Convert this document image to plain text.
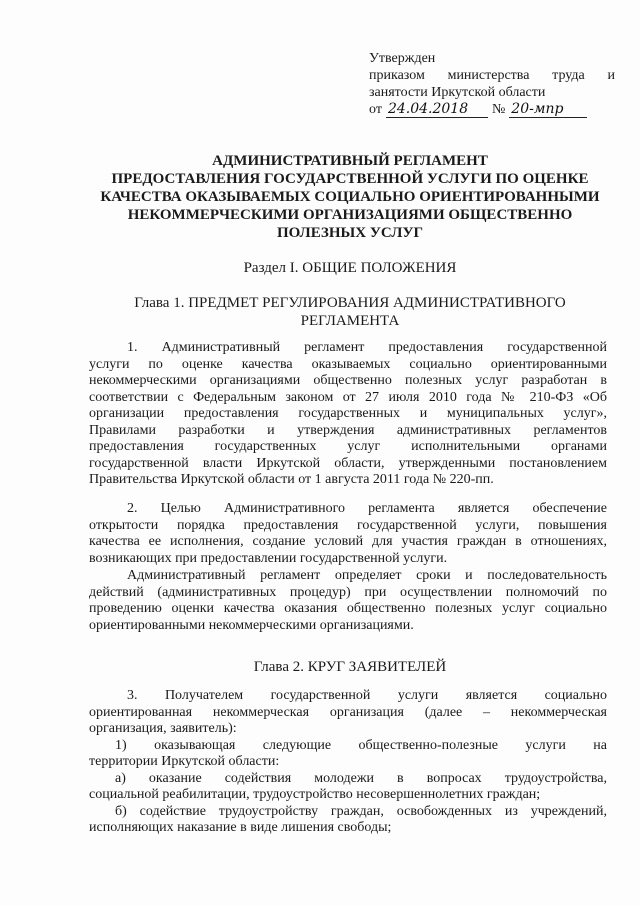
Утвержден
приказом министерства труда и
занятости Иркутской области
от 24.04.2018	№ 20-мпр
АДМИНИСТРАТИВНЫЙ РЕГЛАМЕНТ
ПРЕДОСТАВЛЕНИЯ ГОСУДАРСТВЕННОЙ УСЛУГИ ПО ОЦЕНКЕ
КАЧЕСТВА ОКАЗЫВАЕМЫХ СОЦИАЛЬНО ОРИЕНТИРОВАННЫМИ
НЕКОММЕРЧЕСКИМИ ОРГАНИЗАЦИЯМИ ОБЩЕСТВЕННО
ПОЛЕЗНЫХ УСЛУГ
Раздел I. ОБЩИЕ ПОЛОЖЕНИЯ
Глава 1. ПРЕДМЕТ РЕГУЛИРОВАНИЯ АДМИНИСТРАТИВНОГО
РЕГЛАМЕНТА
1. Административный регламент предоставления государственной
услуги по оценке качества оказываемых социально ориентированными
некоммерческими организациями общественно полезных услуг разработан в
соответствии с Федеральным законом от 27 июля 2010 года № 210-ФЗ «Об
организации предоставления государственных и муниципальных услуг»,
Правилами разработки и утверждения административных регламентов
предоставления государственных услуг исполнительными органами
государственной власти Иркутской области, утвержденными постановлением
Правительства Иркутской области от 1 августа 2011 года № 220-пп.
2. Целью Административного регламента является обеспечение
открытости порядка предоставления государственной услуги, повышения
качества ее исполнения, создание условий для участия граждан в отношениях,
возникающих при предоставлении государственной услуги.
Административный регламент определяет сроки и последовательность
действий (административных процедур) при осуществлении полномочий по
проведению оценки качества оказания общественно полезных услуг социально
ориентированными некоммерческими организациями.
Глава 2. КРУГ ЗАЯВИТЕЛЕЙ
3. Получателем государственной услуги является социально
ориентированная некоммерческая организация (далее – некоммерческая
организация, заявитель):
1) оказывающая следующие общественно-полезные услуги на
территории Иркутской области:
а) оказание содействия молодежи в вопросах трудоустройства,
социальной реабилитации, трудоустройство несовершеннолетних граждан;
б) содействие трудоустройству граждан, освобожденных из учреждений,
исполняющих наказание в виде лишения свободы;
